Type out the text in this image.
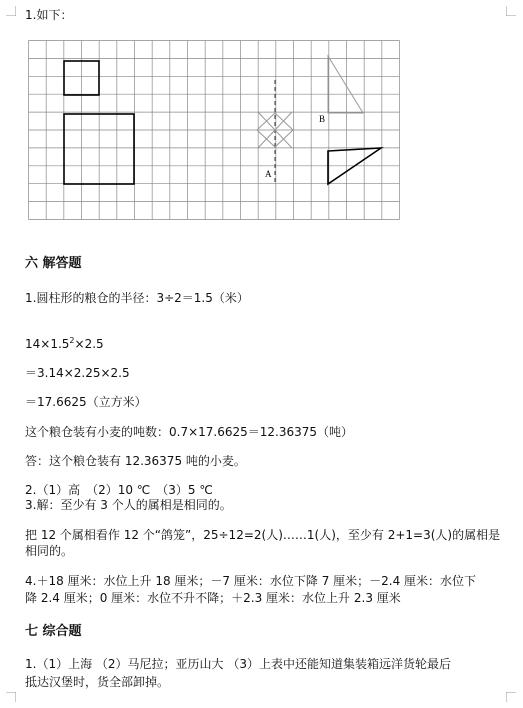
1.如下：
A
B
六 解答题
1.圆柱形的粮仓的半径：3÷2＝1.5（米）
$14\times 1.5^2\times 2.5$
＝3.14×2.25×2.5
＝17.6625（立方米）
这个粮仓装有小麦的吨数：0.7×17.6625＝12.36375（吨）
答：这个粮仓装有 12.36375 吨的小麦。
2.（1）高　（2）10 ℃　（3）5 ℃
3.解：至少有 3 个人的属相是相同的。
把 12 个属相看作 12 个“鸽笼”，25÷12=2(人)……1(人)，至少有 2+1=3(人)的属相是
相同的。
4.＋18 厘米：水位上升 18 厘米；－7 厘米：水位下降 7 厘米；－2.4 厘米：水位下
降 2.4 厘米；0 厘米：水位不升不降；＋2.3 厘米：水位上升 2.3 厘米
七 综合题
1.（1）上海 （2）马尼拉；亚历山大 （3）上表中还能知道集装箱远洋货轮最后
抵达汉堡时，货全部卸掉。
